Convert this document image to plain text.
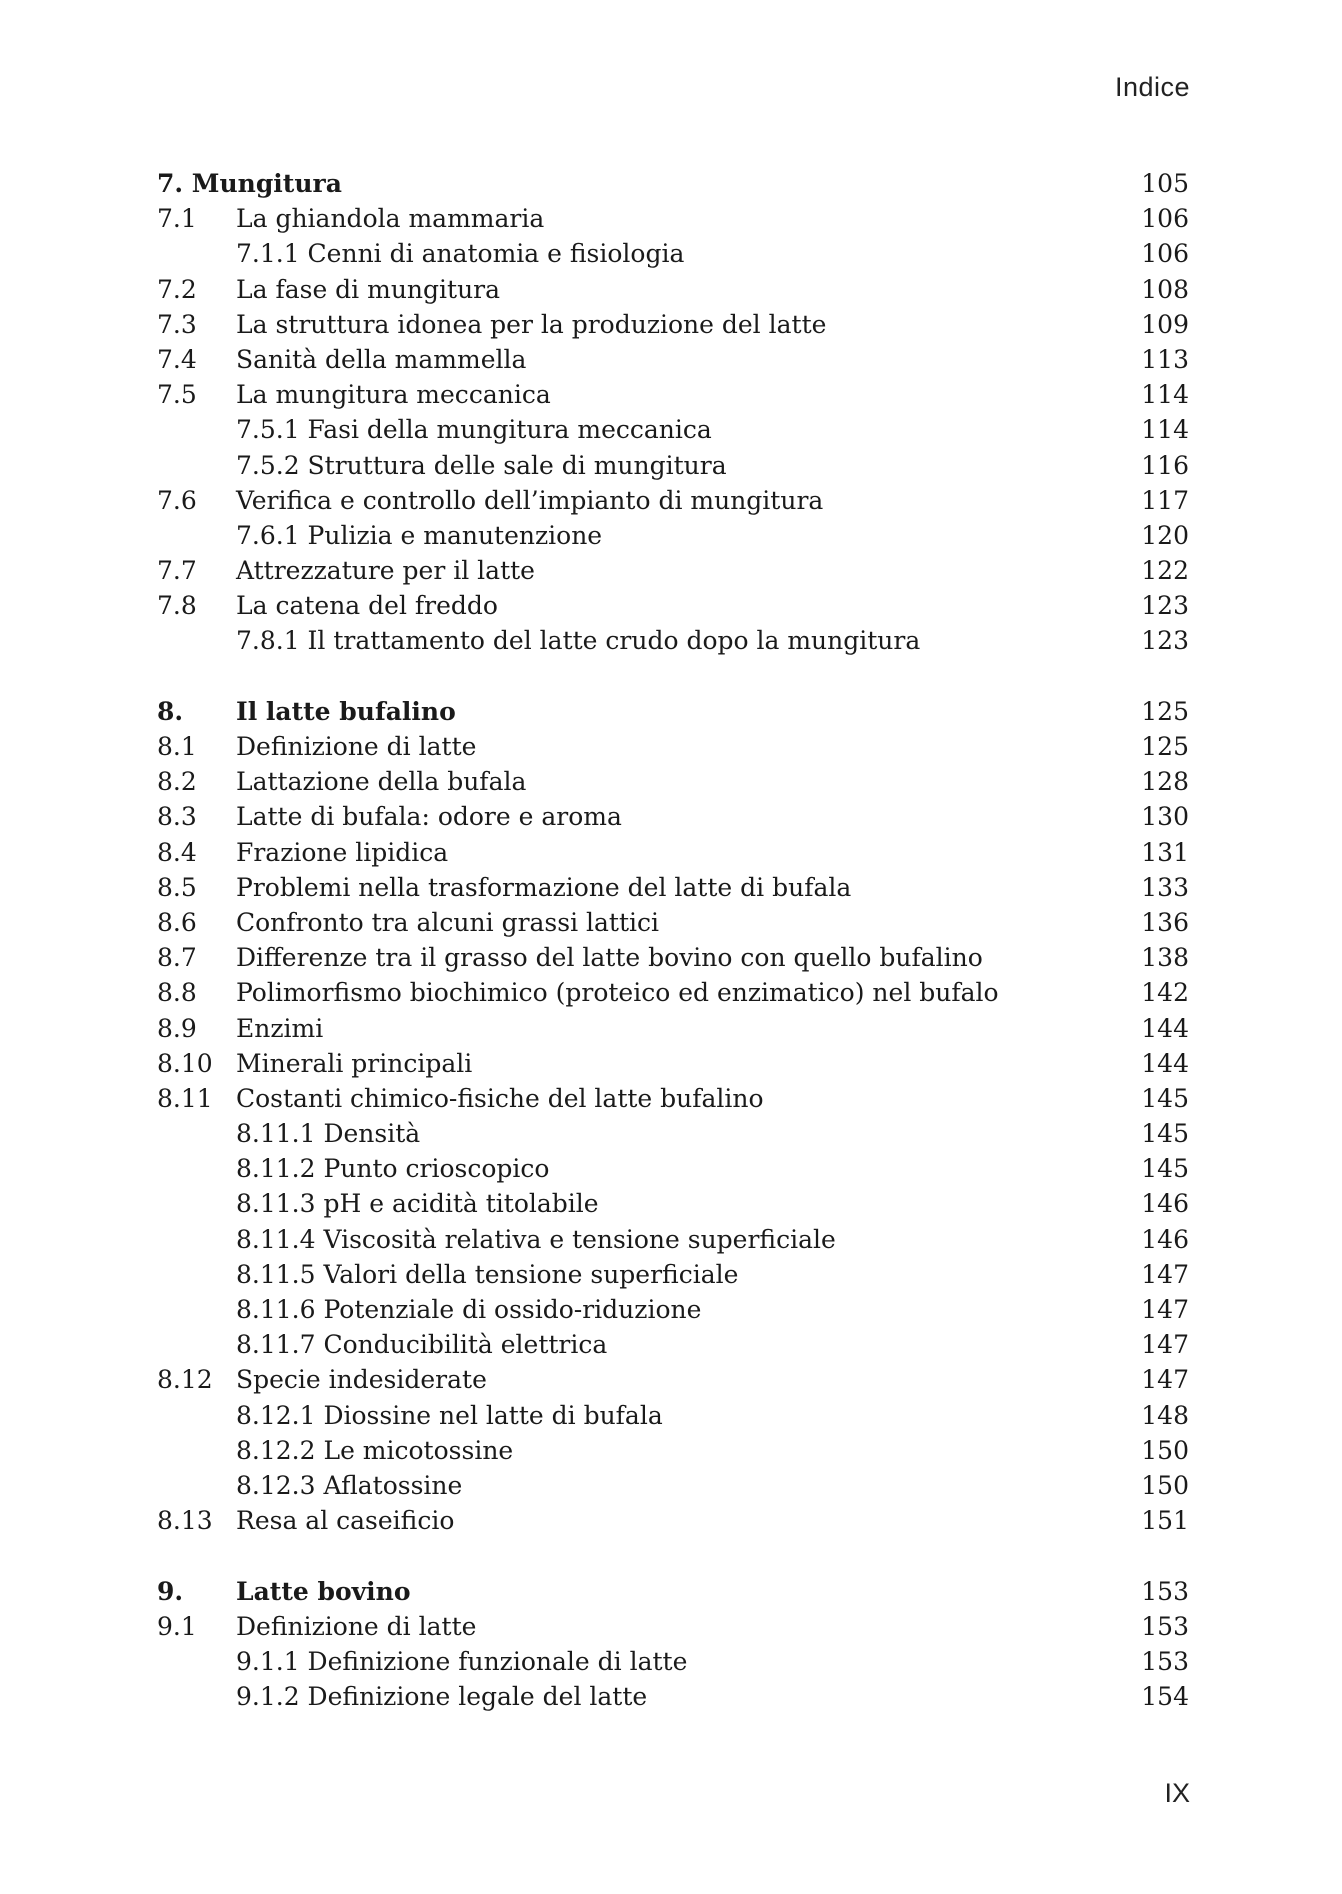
Indice
7. Mungitura	105
7.1 La ghiandola mammaria	106
7.1.1 Cenni di anatomia e fisiologia	106
7.2 La fase di mungitura	108
7.3 La struttura idonea per la produzione del latte	109
7.4 Sanità della mammella	113
7.5 La mungitura meccanica	114
7.5.1 Fasi della mungitura meccanica	114
7.5.2 Struttura delle sale di mungitura	116
7.6 Verifica e controllo dell’impianto di mungitura	117
7.6.1 Pulizia e manutenzione	120
7.7 Attrezzature per il latte	122
7.8 La catena del freddo	123
7.8.1 Il trattamento del latte crudo dopo la mungitura	123
8. Il latte bufalino	125
8.1 Definizione di latte	125
8.2 Lattazione della bufala	128
8.3 Latte di bufala: odore e aroma	130
8.4 Frazione lipidica	131
8.5 Problemi nella trasformazione del latte di bufala	133
8.6 Confronto tra alcuni grassi lattici	136
8.7 Differenze tra il grasso del latte bovino con quello bufalino	138
8.8 Polimorfismo biochimico (proteico ed enzimatico) nel bufalo	142
8.9 Enzimi	144
8.10 Minerali principali	144
8.11 Costanti chimico-fisiche del latte bufalino	145
8.11.1 Densità	145
8.11.2 Punto crioscopico	145
8.11.3 pH e acidità titolabile	146
8.11.4 Viscosità relativa e tensione superficiale	146
8.11.5 Valori della tensione superficiale	147
8.11.6 Potenziale di ossido-riduzione	147
8.11.7 Conducibilità elettrica	147
8.12 Specie indesiderate	147
8.12.1 Diossine nel latte di bufala	148
8.12.2 Le micotossine	150
8.12.3 Aflatossine	150
8.13 Resa al caseificio	151
9. Latte bovino	153
9.1 Definizione di latte	153
9.1.1 Definizione funzionale di latte	153
9.1.2 Definizione legale del latte	154
IX
